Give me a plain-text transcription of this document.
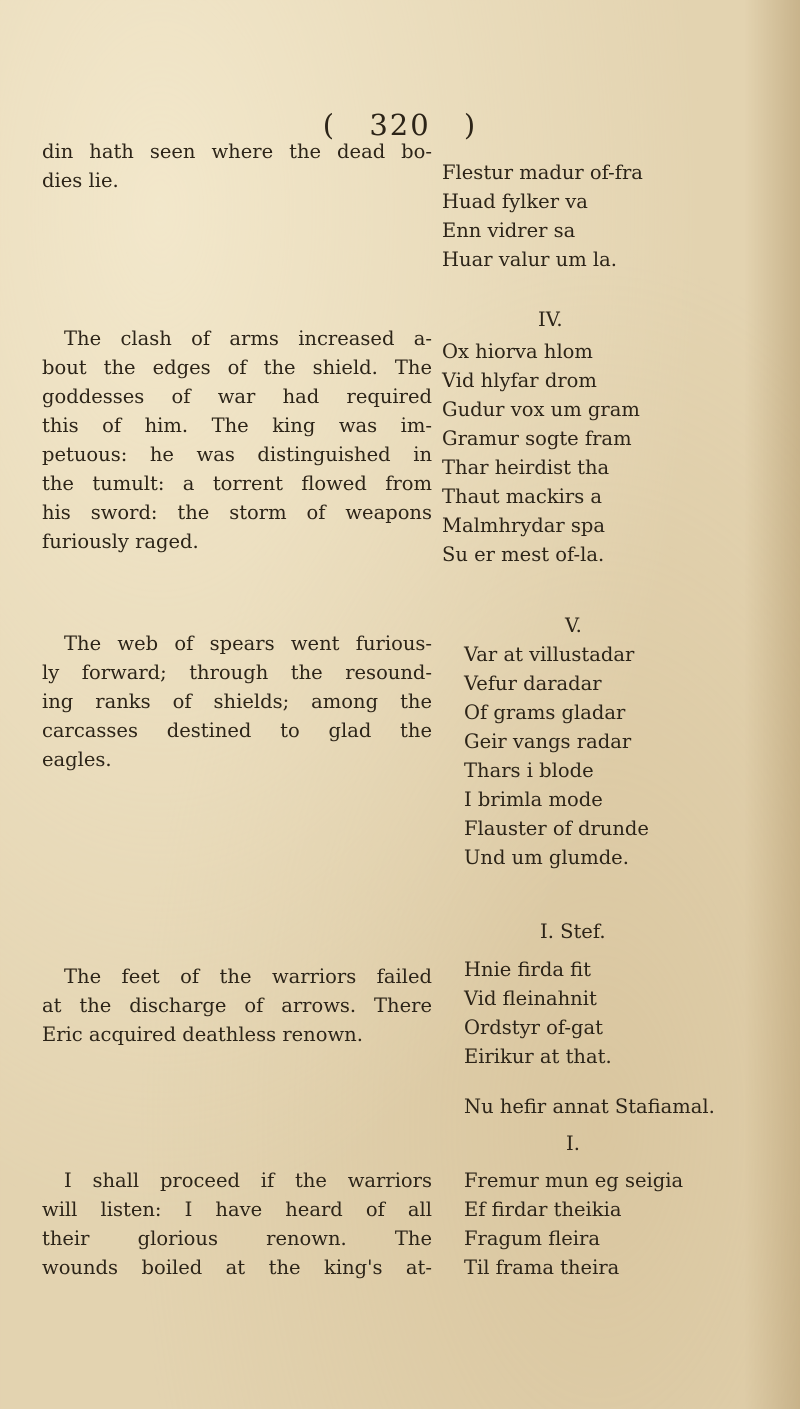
( 320 )
din hath seen where the dead bo-
dies lie.
The clash of arms increased a-
bout the edges of the shield. The
goddesses of war had required
this of him. The king was im-
petuous: he was distinguished in
the tumult: a torrent flowed from
his sword: the storm of weapons
furiously raged.
The web of spears went furious-
ly forward; through the resound-
ing ranks of shields; among the
carcasses destined to glad the
eagles.
The feet of the warriors failed
at the discharge of arrows. There
Eric acquired deathless renown.
I shall proceed if the warriors
will listen: I have heard of all
their glorious renown. The
wounds boiled at the king's at-
Flestur madur of-fra
Huad fylker va
Enn vidrer sa
Huar valur um la.
IV.
Ox hiorva hlom
Vid hlyfar drom
Gudur vox um gram
Gramur sogte fram
Thar heirdist tha
Thaut mackirs a
Malmhrydar spa
Su er mest of-la.
V.
Var at villustadar
Vefur daradar
Of grams gladar
Geir vangs radar
Thars i blode
I brimla mode
Flauster of drunde
Und um glumde.
I. Stef.
Hnie firda fit
Vid fleinahnit
Ordstyr of-gat
Eirikur at that.
Nu hefir annat Stafiamal.
I.
Fremur mun eg seigia
Ef firdar theikia
Fragum fleira
Til frama theira
